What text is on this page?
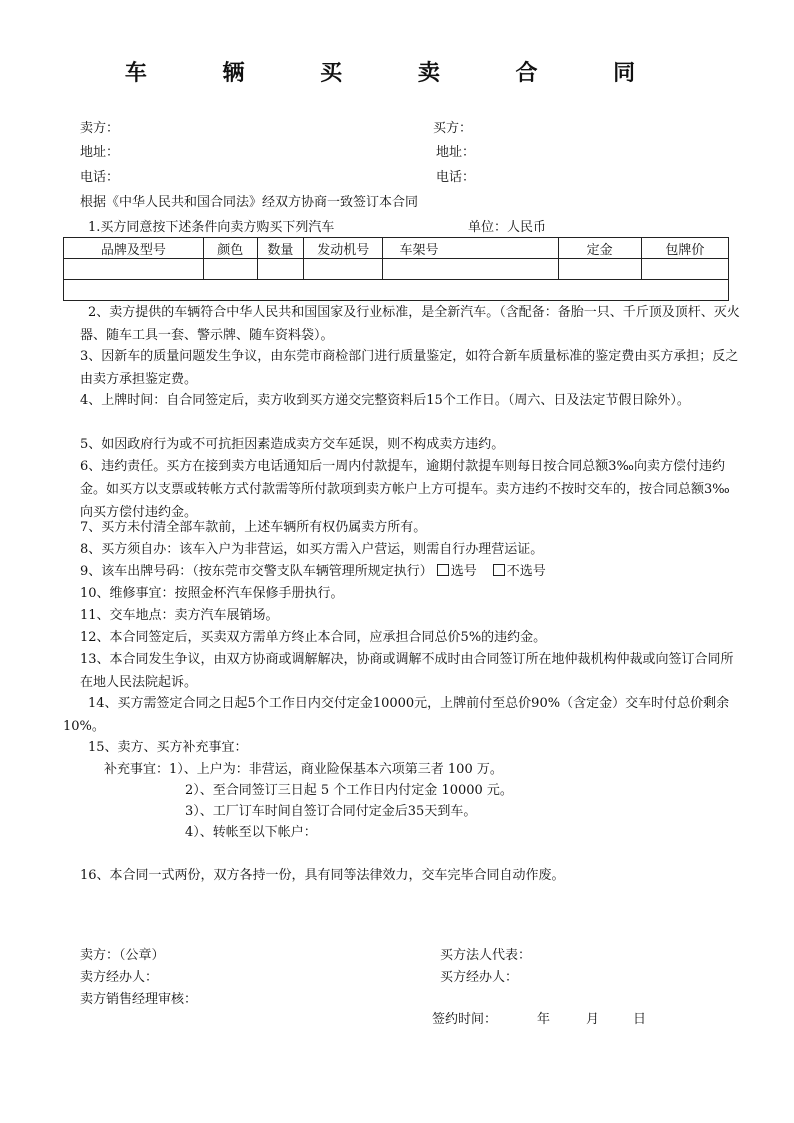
车 辆 买 卖 合 同
卖方：	买方：
地址：	地址：
电话：	电话：
根据《中华人民共和国合同法》经双方协商一致签订本合同
1.买方同意按下述条件向卖方购买下列汽车	单位：人民币
品牌及型号	颜色	数量	发动机号	车架号	定金	包牌价

2、卖方提供的车辆符合中华人民共和国国家及行业标准，是全新汽车。（含配备：备胎一只、千斤顶及顶杆、灭火器、随车工具一套、警示牌、随车资料袋）。
3、因新车的质量问题发生争议，由东莞市商检部门进行质量鉴定，如符合新车质量标准的鉴定费由买方承担；反之由卖方承担鉴定费。
4、上牌时间：自合同签定后，卖方收到买方递交完整资料后15个工作日。（周六、日及法定节假日除外）。
5、如因政府行为或不可抗拒因素造成卖方交车延误，则不构成卖方违约。
6、违约责任。买方在接到卖方电话通知后一周内付款提车，逾期付款提车则每日按合同总额3‰向卖方偿付违约金。如买方以支票或转帐方式付款需等所付款项到卖方帐户上方可提车。卖方违约不按时交车的，按合同总额3‰向买方偿付违约金。
7、买方未付清全部车款前，上述车辆所有权仍属卖方所有。
8、买方须自办：该车入户为非营运，如买方需入户营运，则需自行办理营运证。
9、该车出牌号码：（按东莞市交警支队车辆管理所规定执行） 选号 不选号
10、维修事宜：按照金杯汽车保修手册执行。
11、交车地点：卖方汽车展销场。
12、本合同签定后，买卖双方需单方终止本合同，应承担合同总价5%的违约金。
13、本合同发生争议，由双方协商或调解解决，协商或调解不成时由合同签订所在地仲裁机构仲裁或向签订合同所在地人民法院起诉。
14、买方需签定合同之日起5个工作日内交付定金10000元，上牌前付至总价90%（含定金）交车时付总价剩余10%。
15、卖方、买方补充事宜：
补充事宜：1）、上户为：非营运，商业险保基本六项第三者 100 万。
2）、至合同签订三日起 5 个工作日内付定金 10000 元。
3）、工厂订车时间自签订合同付定金后35天到车。
4）、转帐至以下帐户：
16、本合同一式两份，双方各持一份，具有同等法律效力，交车完毕合同自动作废。
卖方：（公章）	买方法人代表：
卖方经办人：	买方经办人：
卖方销售经理审核：
签约时间：	年	月	日
